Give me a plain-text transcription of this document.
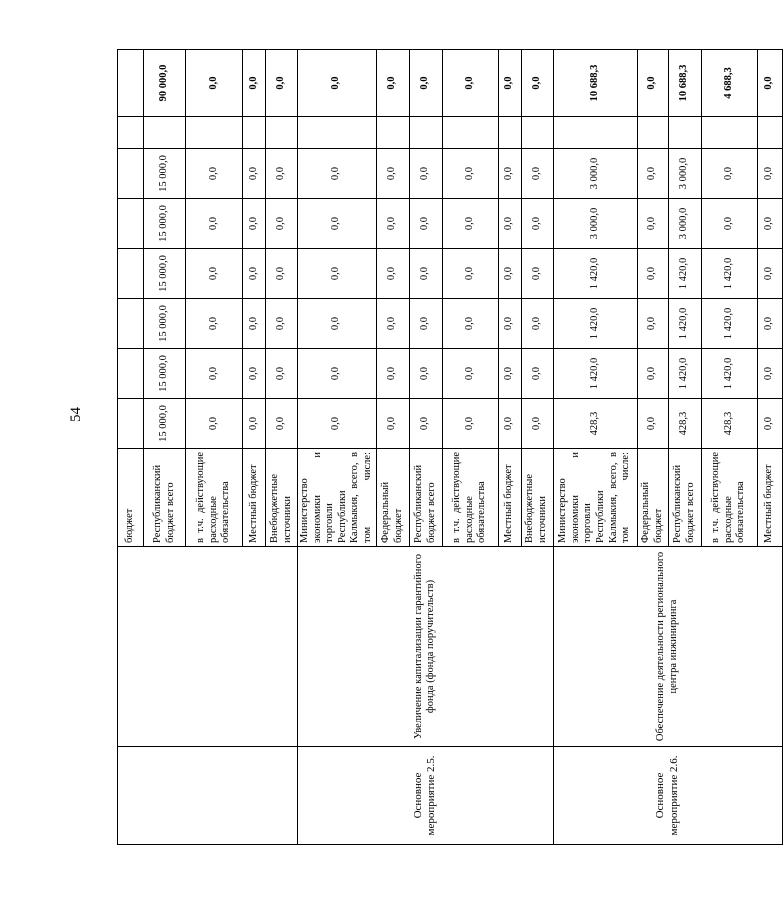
54
		бюджет								
		Республиканский бюджет всего	15 000,0	15 000,0	15 000,0	15 000,0	15 000,0	15 000,0		90 000,0
		в т.ч. действующие расходные обязательства	0,0	0,0	0,0	0,0	0,0	0,0		0,0
		Местный бюджет	0,0	0,0	0,0	0,0	0,0	0,0		0,0
		Внебюджетные источники	0,0	0,0	0,0	0,0	0,0	0,0		0,0

Основное мероприятие 2.5.	Увеличение капитализации гарантийного фонда (фонда поручительств)	Министерство экономики и торговли Республики Калмыкия, всего, в том числе:	0,0	0,0	0,0	0,0	0,0	0,0		0,0
		Федеральный бюджет	0,0	0,0	0,0	0,0	0,0	0,0		0,0
		Республиканский бюджет всего	0,0	0,0	0,0	0,0	0,0	0,0		0,0
		в т.ч. действующие расходные обязательства	0,0	0,0	0,0	0,0	0,0	0,0		0,0
		Местный бюджет	0,0	0,0	0,0	0,0	0,0	0,0		0,0
		Внебюджетные источники	0,0	0,0	0,0	0,0	0,0	0,0		0,0

Основное мероприятие 2.6.	Обеспечение деятельности регионального центра инжиниринга	Министерство экономики и торговли Республики Калмыкия, всего, в том числе:	428,3	1 420,0	1 420,0	1 420,0	3 000,0	3 000,0		10 688,3
		Федеральный бюджет	0,0	0,0	0,0	0,0	0,0	0,0		0,0
		Республиканский бюджет всего	428,3	1 420,0	1 420,0	1 420,0	3 000,0	3 000,0		10 688,3
		в т.ч. действующие расходные обязательства	428,3	1 420,0	1 420,0	1 420,0	0,0	0,0		4 688,3
		Местный бюджет	0,0	0,0	0,0	0,0	0,0	0,0		0,0
